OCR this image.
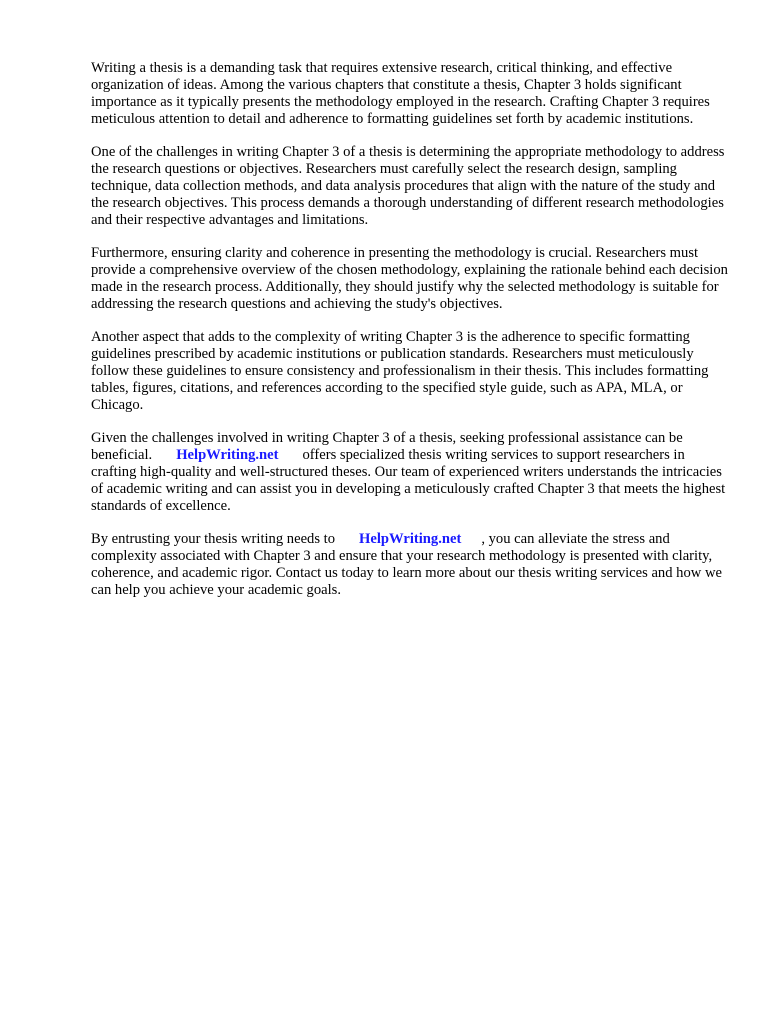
Writing a thesis is a demanding task that requires extensive research, critical thinking, and effective organization of ideas. Among the various chapters that constitute a thesis, Chapter 3 holds significant importance as it typically presents the methodology employed in the research. Crafting Chapter 3 requires meticulous attention to detail and adherence to formatting guidelines set forth by academic institutions.

One of the challenges in writing Chapter 3 of a thesis is determining the appropriate methodology to address the research questions or objectives. Researchers must carefully select the research design, sampling technique, data collection methods, and data analysis procedures that align with the nature of the study and the research objectives. This process demands a thorough understanding of different research methodologies and their respective advantages and limitations.

Furthermore, ensuring clarity and coherence in presenting the methodology is crucial. Researchers must provide a comprehensive overview of the chosen methodology, explaining the rationale behind each decision made in the research process. Additionally, they should justify why the selected methodology is suitable for addressing the research questions and achieving the study's objectives.

Another aspect that adds to the complexity of writing Chapter 3 is the adherence to specific formatting guidelines prescribed by academic institutions or publication standards. Researchers must meticulously follow these guidelines to ensure consistency and professionalism in their thesis. This includes formatting tables, figures, citations, and references according to the specified style guide, such as APA, MLA, or Chicago.

Given the challenges involved in writing Chapter 3 of a thesis, seeking professional assistance can be beneficial. HelpWriting.net offers specialized thesis writing services to support researchers in crafting high-quality and well-structured theses. Our team of experienced writers understands the intricacies of academic writing and can assist you in developing a meticulously crafted Chapter 3 that meets the highest standards of excellence.

By entrusting your thesis writing needs to HelpWriting.net , you can alleviate the stress and complexity associated with Chapter 3 and ensure that your research methodology is presented with clarity, coherence, and academic rigor. Contact us today to learn more about our thesis writing services and how we can help you achieve your academic goals.
